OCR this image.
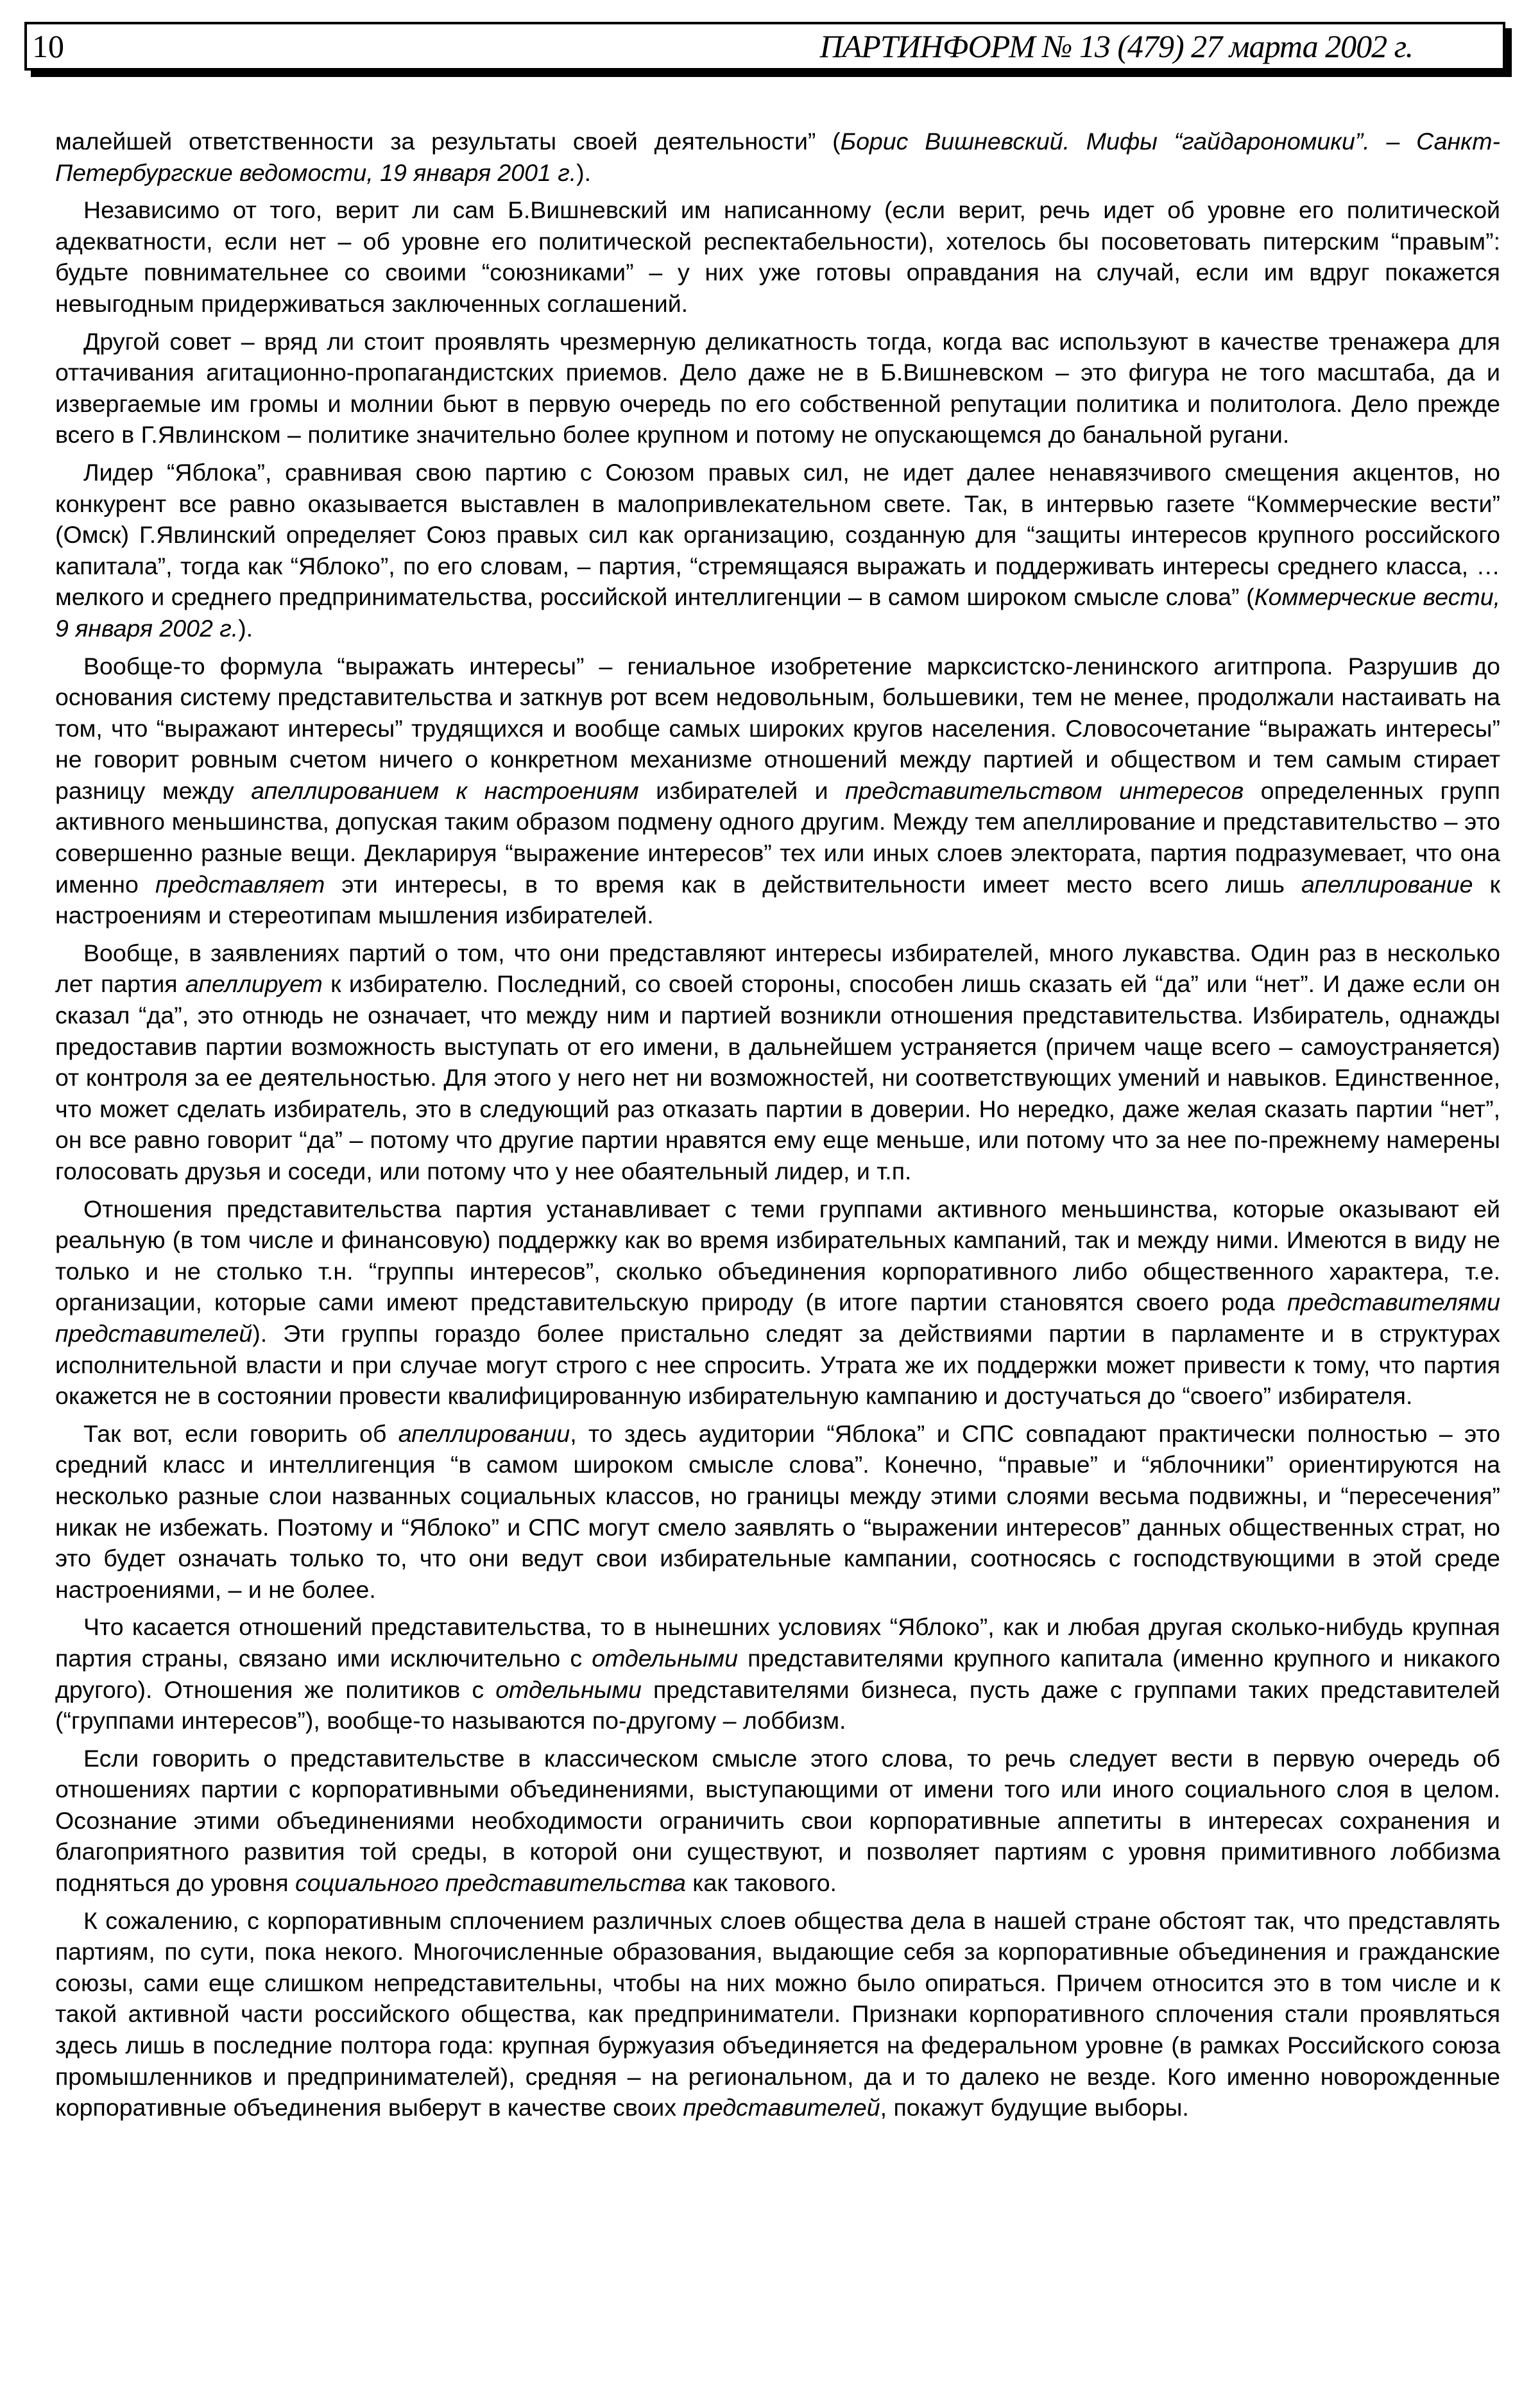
10	ПАРТИНФОРМ № 13 (479) 27 марта 2002 г.

малейшей ответственности за результаты своей деятельности” (Борис Вишневский. Мифы “гайдарономики”. – Санкт-Петербургские ведомости, 19 января 2001 г.).

Независимо от того, верит ли сам Б.Вишневский им написанному (если верит, речь идет об уровне его политической адекватности, если нет – об уровне его политической респектабельности), хотелось бы посоветовать питерским “правым”: будьте повнимательнее со своими “союзниками” – у них уже готовы оправдания на случай, если им вдруг покажется невыгодным придерживаться заключенных соглашений.

Другой совет – вряд ли стоит проявлять чрезмерную деликатность тогда, когда вас используют в качестве тренажера для оттачивания агитационно-пропагандистских приемов. Дело даже не в Б.Вишневском – это фигура не того масштаба, да и извергаемые им громы и молнии бьют в первую очередь по его собственной репутации политика и политолога. Дело прежде всего в Г.Явлинском – политике значительно более крупном и потому не опускающемся до банальной ругани.

Лидер “Яблока”, сравнивая свою партию с Союзом правых сил, не идет далее ненавязчивого смещения акцентов, но конкурент все равно оказывается выставлен в малопривлекательном свете. Так, в интервью газете “Коммерческие вести” (Омск) Г.Явлинский определяет Союз правых сил как организацию, созданную для “защиты интересов крупного российского капитала”, тогда как “Яблоко”, по его словам, – партия, “стремящаяся выражать и поддерживать интересы среднего класса, …мелкого и среднего предпринимательства, российской интеллигенции – в самом широком смысле слова” (Коммерческие вести, 9 января 2002 г.).

Вообще-то формула “выражать интересы” – гениальное изобретение марксистско-ленинского агитпропа. Разрушив до основания систему представительства и заткнув рот всем недовольным, большевики, тем не менее, продолжали настаивать на том, что “выражают интересы” трудящихся и вообще самых широких кругов населения. Словосочетание “выражать интересы” не говорит ровным счетом ничего о конкретном механизме отношений между партией и обществом и тем самым стирает разницу между апеллированием к настроениям избирателей и представительством интересов определенных групп активного меньшинства, допуская таким образом подмену одного другим. Между тем апеллирование и представительство – это совершенно разные вещи. Декларируя “выражение интересов” тех или иных слоев электората, партия подразумевает, что она именно представляет эти интересы, в то время как в действительности имеет место всего лишь апеллирование к настроениям и стереотипам мышления избирателей.

Вообще, в заявлениях партий о том, что они представляют интересы избирателей, много лукавства. Один раз в несколько лет партия апеллирует к избирателю. Последний, со своей стороны, способен лишь сказать ей “да” или “нет”. И даже если он сказал “да”, это отнюдь не означает, что между ним и партией возникли отношения представительства. Избиратель, однажды предоставив партии возможность выступать от его имени, в дальнейшем устраняется (причем чаще всего – самоустраняется) от контроля за ее деятельностью. Для этого у него нет ни возможностей, ни соответствующих умений и навыков. Единственное, что может сделать избиратель, это в следующий раз отказать партии в доверии. Но нередко, даже желая сказать партии “нет”, он все равно говорит “да” – потому что другие партии нравятся ему еще меньше, или потому что за нее по-прежнему намерены голосовать друзья и соседи, или потому что у нее обаятельный лидер, и т.п.

Отношения представительства партия устанавливает с теми группами активного меньшинства, которые оказывают ей реальную (в том числе и финансовую) поддержку как во время избирательных кампаний, так и между ними. Имеются в виду не только и не столько т.н. “группы интересов”, сколько объединения корпоративного либо общественного характера, т.е. организации, которые сами имеют представительскую природу (в итоге партии становятся своего рода представителями представителей). Эти группы гораздо более пристально следят за действиями партии в парламенте и в структурах исполнительной власти и при случае могут строго с нее спросить. Утрата же их поддержки может привести к тому, что партия окажется не в состоянии провести квалифицированную избирательную кампанию и достучаться до “своего” избирателя.

Так вот, если говорить об апеллировании, то здесь аудитории “Яблока” и СПС совпадают практически полностью – это средний класс и интеллигенция “в самом широком смысле слова”. Конечно, “правые” и “яблочники” ориентируются на несколько разные слои названных социальных классов, но границы между этими слоями весьма подвижны, и “пересечения” никак не избежать. Поэтому и “Яблоко” и СПС могут смело заявлять о “выражении интересов” данных общественных страт, но это будет означать только то, что они ведут свои избирательные кампании, соотносясь с господствующими в этой среде настроениями, – и не более.

Что касается отношений представительства, то в нынешних условиях “Яблоко”, как и любая другая сколько-нибудь крупная партия страны, связано ими исключительно с отдельными представителями крупного капитала (именно крупного и никакого другого). Отношения же политиков с отдельными представителями бизнеса, пусть даже с группами таких представителей (“группами интересов”), вообще-то называются по-другому – лоббизм.

Если говорить о представительстве в классическом смысле этого слова, то речь следует вести в первую очередь об отношениях партии с корпоративными объединениями, выступающими от имени того или иного социального слоя в целом. Осознание этими объединениями необходимости ограничить свои корпоративные аппетиты в интересах сохранения и благоприятного развития той среды, в которой они существуют, и позволяет партиям с уровня примитивного лоббизма подняться до уровня социального представительства как такового.

К сожалению, с корпоративным сплочением различных слоев общества дела в нашей стране обстоят так, что представлять партиям, по сути, пока некого. Многочисленные образования, выдающие себя за корпоративные объединения и гражданские союзы, сами еще слишком непредставительны, чтобы на них можно было опираться. Причем относится это в том числе и к такой активной части российского общества, как предприниматели. Признаки корпоративного сплочения стали проявляться здесь лишь в последние полтора года: крупная буржуазия объединяется на федеральном уровне (в рамках Российского союза промышленников и предпринимателей), средняя – на региональном, да и то далеко не везде. Кого именно новорожденные корпоративные объединения выберут в качестве своих представителей, покажут будущие выборы.
